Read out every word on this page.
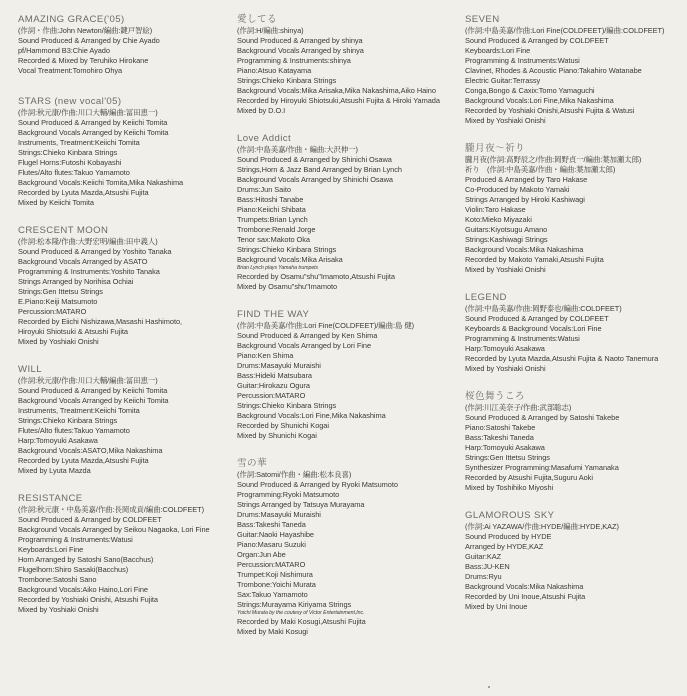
AMAZING GRACE('05)
(作詞・作曲:John Newton/編曲:鍵戸智絵)
Sound Produced & Arranged by Chie Ayado
pf/Hammond B3:Chie Ayado
Recorded & Mixed by Teruhiko Hirokane
Vocal Treatment:Tomohiro Ohya
STARS (new vocal'05)
(作詞:秋元康/作曲:川口大輔/編曲:冨田恵一)
Sound Produced & Arranged by Keiichi Tomita
Background Vocals Arranged by Keiichi Tomita
Instruments, Treatment:Keiichi Tomita
Strings:Chieko Kinbara Strings
Flugel Horns:Futoshi Kobayashi
Flutes/Alto flutes:Takuo Yamamoto
Background Vocals:Keiichi Tomita,Mika Nakashima
Recorded by Lyuta Mazda,Atsushi Fujita
Mixed by Keiichi Tomita
CRESCENT MOON
(作詞:松本隆/作曲:大野宏明/編曲:田中義人)
Sound Produced & Arranged by Yoshito Tanaka
Background Vocals Arranged by ASATO
Programming & Instruments:Yoshito Tanaka
Strings Arranged by Norihisa Ochiai
Strings:Gen Ittetsu Strings
E.Piano:Keiji Matsumoto
Percussion:MATARO
Recorded by Eiichi Nishizawa,Masashi Hashimoto,
Hiroyuki Shiotsuki & Atsushi Fujita
Mixed by Yoshiaki Onishi
WILL
(作詞:秋元康/作曲:川口大輔/編曲:冨田恵一)
Sound Produced & Arranged by Keiichi Tomita
Background Vocals Arranged by Keiichi Tomita
Instruments, Treatment:Keiichi Tomita
Strings:Chieko Kinbara Strings
Flutes/Alto flutes:Takuo Yamamoto
Harp:Tomoyuki Asakawa
Background Vocals:ASATO,Mika Nakashima
Recorded by Lyuta Mazda,Atsushi Fujita
Mixed by Lyuta Mazda
RESISTANCE
(作詞:秋元康・中島美嘉/作曲:長岡成貢/編曲:COLDFEET)
Sound Produced & Arranged by COLDFEET
Background Vocals Arranged by Seikou Nagaoka, Lori Fine
Programming & Instruments:Watusi
Keyboards:Lori Fine
Horn Arranged by Satoshi Sano(Bacchus)
Flugelhorn:Shiro Sasaki(Bacchus)
Trombone:Satoshi Sano
Background Vocals:Aiko Haino,Lori Fine
Recorded by Yoshiaki Onishi, Atsushi Fujita
Mixed by Yoshiaki Onishi
愛してる
(作詞:H/編曲:shinya)
Sound Produced & Arranged by shinya
Background Vocals Arranged by shinya
Programming & Instruments:shinya
Piano:Atsuo Katayama
Strings:Chieko Kinbara Strings
Background Vocals:Mika Arisaka,Mika Nakashima,Aiko Haino
Recorded by Hiroyuki Shiotsuki,Atsushi Fujita & Hiroki Yamada
Mixed by D.O.I
Love Addict
(作詞:中島美嘉/作曲・編曲:大沢伸一)
Sound Produced & Arranged by Shinichi Osawa
Strings,Horn & Jazz Band Arranged by Brian Lynch
Background Vocals Arranged by Shinichi Osawa
Drums:Jun Saito
Bass:Hitoshi Tanabe
Piano:Keiichi Shibata
Trumpets:Brian Lynch
Trombone:Renald Jorge
Tenor sax:Makoto Oka
Strings:Chieko Kinbara Strings
Background Vocals:Mika Arisaka
Brian Lynch plays Yamaha trumpets
Recorded by Osamu"shu"Imamoto,Atsushi Fujita
Mixed by Osamu"shu"Imamoto
FIND THE WAY
(作詞:中島美嘉/作曲:Lori Fine(COLDFEET)/編曲:島 健)
Sound Produced & Arranged by Ken Shima
Background Vocals Arranged by Lori Fine
Piano:Ken Shima
Drums:Masayuki Muraishi
Bass:Hideki Matsubara
Guitar:Hirokazu Ogura
Percussion:MATARO
Strings:Chieko Kinbara Strings
Background Vocals:Lori Fine,Mika Nakashima
Recorded by Shunichi Kogai
Mixed by Shunichi Kogai
雪の華
(作詞:Satomi/作曲・編曲:松本良喜)
Sound Produced & Arranged by Ryoki Matsumoto
Programming:Ryoki Matsumoto
Strings Arranged by Tatsuya Murayama
Drums:Masayuki Muraishi
Bass:Takeshi Taneda
Guitar:Naoki Hayashibe
Piano:Masaru Suzuki
Organ:Jun Abe
Percussion:MATARO
Trumpet:Koji Nishimura
Trombone:Yoichi Murata
Sax:Takuo Yamamoto
Strings:Murayama Kiriyama Strings
Yoichi Murata by the coutesy of Victor Entertainment,Inc.
Recorded by Maki Kosugi,Atsushi Fujita
Mixed by Maki Kosugi
SEVEN
(作詞:中島美嘉/作曲:Lori Fine(COLDFEET)/編曲:COLDFEET)
Sound Produced & Arranged by COLDFEET
Keyboards:Lori Fine
Programming & Instruments:Watusi
Clavinet, Rhodes & Acoustic Piano:Takahiro Watanabe
Electric Guitar:Terrassy
Conga,Bongo & Caxix:Tomo Yamaguchi
Background Vocals:Lori Fine,Mika Nakashima
Recorded by Yoshiaki Onishi,Atsushi Fujita & Watusi
Mixed by Yoshiaki Onishi
朧月夜〜祈り
朧月夜(作詞:高野辰之/作曲:岡野貞一/編曲:葉加瀬太郎)
祈り　(作詞:中島美嘉/作曲・編曲:葉加瀬太郎)
Produced & Arranged by Taro Hakase
Co-Produced by Makoto Yamaki
Strings Arranged by Hiroki Kashiwagi
Violin:Taro Hakase
Koto:Mieko Miyazaki
Guitars:Kiyotsugu Amano
Strings:Kashiwagi Strings
Background Vocals:Mika Nakashima
Recorded by Makoto Yamaki,Atsushi Fujita
Mixed by Yoshiaki Onishi
LEGEND
(作詞:中島美嘉/作曲:岡野泰也/編曲:COLDFEET)
Sound Produced & Arranged by COLDFEET
Keyboards & Background Vocals:Lori Fine
Programming & Instruments:Watusi
Harp:Tomoyuki Asakawa
Recorded by Lyuta Mazda,Atsushi Fujita & Naoto Tanemura
Mixed by Yoshiaki Onishi
桜色舞うころ
(作詞:川江美奈子/作曲:武部聡志)
Sound Produced & Arranged by Satoshi Takebe
Piano:Satoshi Takebe
Bass:Takeshi Taneda
Harp:Tomoyuki Asakawa
Strings:Gen Ittetsu Strings
Synthesizer Programming:Masafumi Yamanaka
Recorded by Atsushi Fujita,Suguru Aoki
Mixed by Toshihiko Miyoshi
GLAMOROUS SKY
(作詞:Ai YAZAWA/作曲:HYDE/編曲:HYDE,KAZ)
Sound Produced by HYDE
Arranged by HYDE,KAZ
Guitar:KAZ
Bass:JU-KEN
Drums:Ryu
Background Vocals:Mika Nakashima
Recorded by Uni Inoue,Atsushi Fujita
Mixed by Uni Inoue
